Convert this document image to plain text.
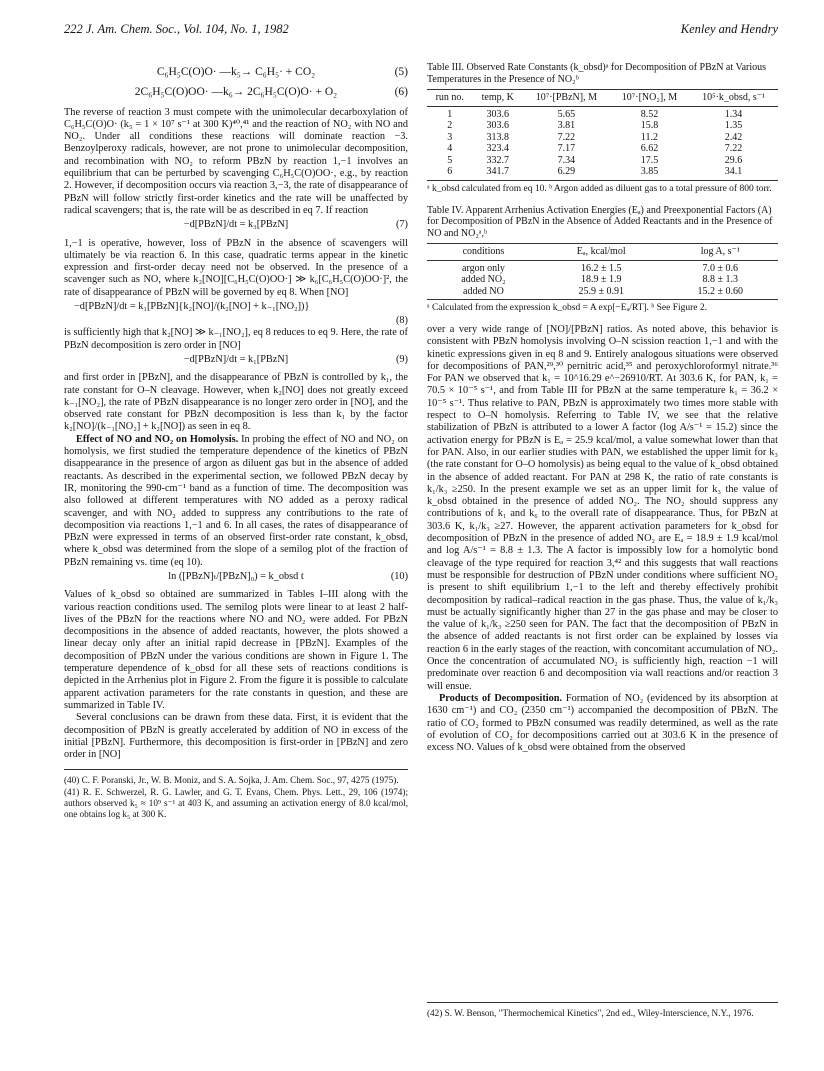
222 J. Am. Chem. Soc., Vol. 104, No. 1, 1982	Kenley and Hendry
C₆H₅C(O)O· —k₅→ C₆H₅· + CO₂	(5)
2C₆H₅C(O)OO· —k₆→ 2C₆H₅C(O)O· + O₂	(6)

The reverse of reaction 3 must compete with the unimolecular decarboxylation of C₆H₅C(O)O· (k₅ = 1 × 10⁷ s⁻¹ at 300 K)⁴⁰,⁴¹ and the reaction of NO₂ with NO and NO₂. Under all conditions these reactions will dominate reaction −3. Benzoylperoxy radicals, however, are not prone to unimolecular decomposition, and recombination with NO₂ to reform PBzN by reaction 1,−1 involves an equilibrium that can be perturbed by scavenging C₆H₅C(O)OO·, e.g., by reaction 2. However, if decomposition occurs via reaction 3,−3, the rate of disappearance of PBzN will follow strictly first-order kinetics and the rate will be unaffected by radical scavengers; that is, the rate will be as described in eq 7. If reaction

−d[PBzN]/dt = k₃[PBzN]	(7)

1,−1 is operative, however, loss of PBzN in the absence of scavengers will ultimately be via reaction 6. In this case, quadratic terms appear in the kinetic expression and first-order decay need not be observed. In the presence of a scavenger such as NO, where k₂[NO][C₆H₅C(O)OO·] ≫ k₆[C₆H₅C(O)OO·]², the rate of disappearance of PBzN will be governed by eq 8. When [NO]

−d[PBzN]/dt = k₁[PBzN]{k₂[NO]/(k₂[NO] + k₋₁[NO₂])}
(8)

is sufficiently high that k₂[NO] ≫ k₋₁[NO₂], eq 8 reduces to eq 9. Here, the rate of PBzN decomposition is zero order in [NO]

−d[PBzN]/dt = k₁[PBzN]	(9)

and first order in [PBzN], and the disappearance of PBzN is controlled by k₁, the rate constant for O–N cleavage. However, when k₂[NO] does not greatly exceed k₋₁[NO₂], the rate of PBzN disappearance is no longer zero order in [NO], and the observed rate constant for PBzN decomposition is less than k₁ by the factor k₂[NO]/(k₋₁[NO₂] + k₂[NO]) as seen in eq 8.

Effect of NO and NO₂ on Homolysis. In probing the effect of NO and NO₂ on homolysis, we first studied the temperature dependence of the kinetics of PBzN disappearance in the presence of argon as diluent gas but in the absence of added reactants. As described in the experimental section, we followed PBzN decay by IR, monitoring the 990-cm⁻¹ band as a function of time. The decomposition was also followed at different temperatures with NO added as a peroxy radical scavenger, and with NO₂ added to suppress any contributions to the rate of decomposition via reactions 1,−1 and 6. In all cases, the rates of disappearance of PBzN were expressed in terms of an observed first-order rate constant, k_obsd, where k_obsd was determined from the slope of a semilog plot of the fraction of PBzN remaining vs. time (eq 10).

ln ([PBzN]ₜ/[PBzN]₀) = k_obsd t	(10)

Values of k_obsd so obtained are summarized in Tables I–III along with the various reaction conditions used. The semilog plots were linear to at least 2 half-lives of the PBzN for the reactions where NO and NO₂ were added. For PBzN decompositions in the absence of added reactants, however, the plots showed a linear decay only after an initial rapid decrease in [PBzN]. Examples of the decomposition of PBzN under the various conditions are shown in Figure 1. The temperature dependence of k_obsd for all these sets of reactions conditions is depicted in the Arrhenius plot in Figure 2. From the figure it is possible to calculate apparent activation parameters for the rate constants in question, and these are summarized in Table IV.

Several conclusions can be drawn from these data. First, it is evident that the decomposition of PBzN is greatly accelerated by addition of NO in excess of the initial [PBzN]. Furthermore, this decomposition is first-order in [PBzN] and zero order in [NO]

(40) C. F. Poranski, Jr., W. B. Moniz, and S. A. Sojka, J. Am. Chem. Soc., 97, 4275 (1975).
(41) R. E. Schwerzel, R. G. Lawler, and G. T. Evans, Chem. Phys. Lett., 29, 106 (1974); authors observed k₅ ≈ 10⁹ s⁻¹ at 403 K, and assuming an activation energy of 8.0 kcal/mol, one obtains log k₅ at 300 K.
Table III. Observed Rate Constants (k_obsd)ᵃ for Decomposition of PBzN at Various Temperatures in the Presence of NO₂ᵇ
run no.	temp, K	10⁷·[PBzN], M	10⁷·[NO₂], M	10⁵·k_obsd, s⁻¹
1	303.6	5.65	8.52	1.34
2	303.6	3.81	15.8	1.35
3	313.8	7.22	11.2	2.42
4	323.4	7.17	6.62	7.22
5	332.7	7.34	17.5	29.6
6	341.7	6.29	3.85	34.1
ᵃ k_obsd calculated from eq 10. ᵇ Argon added as diluent gas to a total pressure of 800 torr.
Table IV. Apparent Arrhenius Activation Energies (Eₐ) and Preexponential Factors (A) for Decomposition of PBzN in the Absence of Added Reactants and in the Presence of NO and NO₂ᵃ,ᵇ
conditions	Eₐ, kcal/mol	log A, s⁻¹
argon only	16.2 ± 1.5	7.0 ± 0.6
added NO₂	18.9 ± 1.9	8.8 ± 1.3
added NO	25.9 ± 0.91	15.2 ± 0.60
ᵃ Calculated from the expression k_obsd = A exp[−Eₐ/RT]. ᵇ See Figure 2.

over a very wide range of [NO]/[PBzN] ratios. As noted above, this behavior is consistent with PBzN homolysis involving O–N scission reaction 1,−1 and with the kinetic expressions given in eq 8 and 9. Entirely analogous situations were observed for decompositions of PAN,²⁹,³⁰ pernitric acid,³⁵ and peroxychloroformyl nitrate.³⁶ For PAN we observed that k₁ = 10^16.29 e^−26910/RT. At 303.6 K, for PAN, k₁ = 70.5 × 10⁻⁵ s⁻¹, and from Table III for PBzN at the same temperature k₁ = 36.2 × 10⁻⁵ s⁻¹. Thus relative to PAN, PBzN is approximately two times more stable with respect to O–N homolysis. Referring to Table IV, we see that the relative stabilization of PBzN is attributed to a lower A factor (log A/s⁻¹ = 15.2) since the activation energy for PBzN is Eₐ = 25.9 kcal/mol, a value somewhat lower than that for PAN. Also, in our earlier studies with PAN, we established the upper limit for k₃ (the rate constant for O–O homolysis) as being equal to the value of k_obsd obtained in the absence of added reactant. For PAN at 298 K, the ratio of rate constants is k₁/k₃ ≥250. In the present example we set as an upper limit for k₃ the value of k_obsd obtained in the presence of added NO₂. The NO₂ should suppress any contributions of k₁ and k₆ to the overall rate of disappearance. Thus, for PBzN at 303.6 K, k₁/k₃ ≥27. However, the apparent activation parameters for k_obsd for decomposition of PBzN in the presence of added NO₂ are Eₐ = 18.9 ± 1.9 kcal/mol and log A/s⁻¹ = 8.8 ± 1.3. The A factor is impossibly low for a homolytic bond cleavage of the type required for reaction 3,⁴² and this suggests that wall reactions must be responsible for destruction of PBzN under conditions where sufficient NO₂ is present to shift equilibrium 1,−1 to the left and thereby effectively prohibit decomposition by radical–radical reaction in the gas phase. Thus, the value of k₁/k₃ must be actually significantly higher than 27 in the gas phase and may be closer to the value of k₁/k₃ ≥250 seen for PAN. The fact that the decomposition of PBzN in the absence of added reactants is not first order can be explained by losses via reaction 6 in the early stages of the reaction, with concomitant accumulation of NO₂. Once the concentration of accumulated NO₂ is sufficiently high, reaction −1 will predominate over reaction 6 and decomposition via wall reactions and/or reaction 3 will ensue.

Products of Decomposition. Formation of NO₂ (evidenced by its absorption at 1630 cm⁻¹) and CO₂ (2350 cm⁻¹) accompanied the decomposition of PBzN. The ratio of CO₂ formed to PBzN consumed was readily determined, as well as the rate of evolution of CO₂ for decompositions carried out at 303.6 K in the presence of excess NO. Values of k_obsd were obtained from the observed

(42) S. W. Benson, "Thermochemical Kinetics", 2nd ed., Wiley-Interscience, N.Y., 1976.
